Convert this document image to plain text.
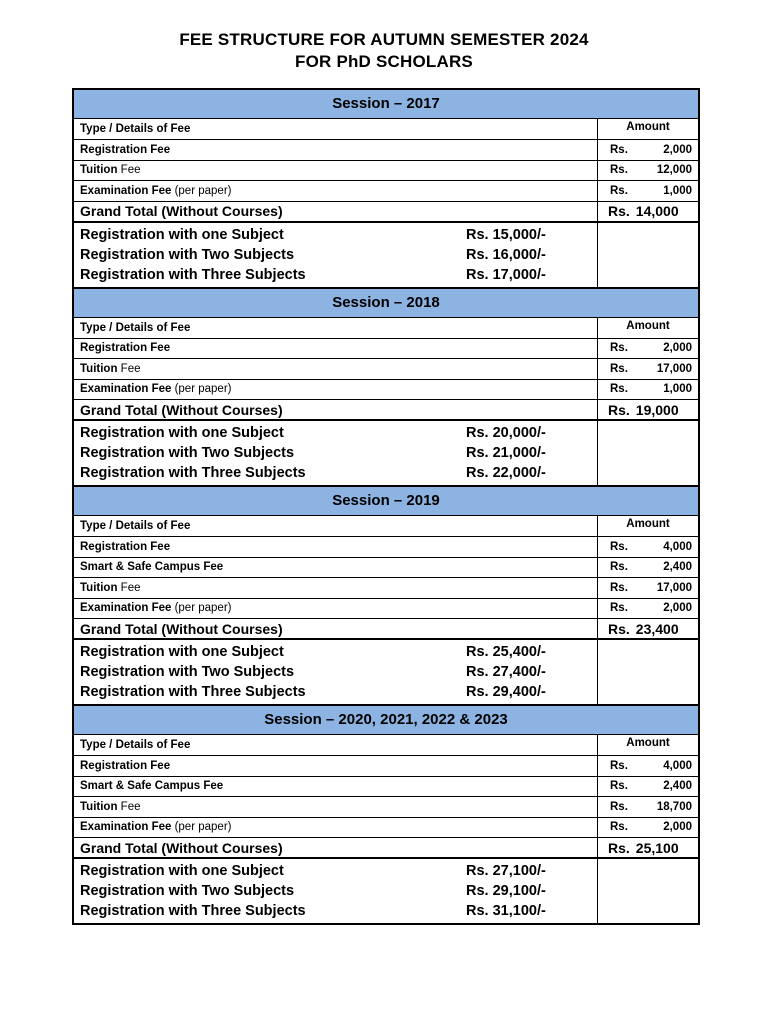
FEE STRUCTURE FOR AUTUMN SEMESTER 2024
FOR PhD SCHOLARS
Session – 2017
Type / Details of Fee	Amount
Registration Fee	Rs.	2,000
Tuition Fee	Rs.	12,000
Examination Fee (per paper)	Rs.	1,000
Grand Total (Without Courses)	Rs. 14,000
Registration with one Subject	Rs. 15,000/-
Registration with Two Subjects	Rs. 16,000/-
Registration with Three Subjects	Rs. 17,000/-
Session – 2018
Type / Details of Fee	Amount
Registration Fee	Rs.	2,000
Tuition Fee	Rs.	17,000
Examination Fee (per paper)	Rs.	1,000
Grand Total (Without Courses)	Rs. 19,000
Registration with one Subject	Rs. 20,000/-
Registration with Two Subjects	Rs. 21,000/-
Registration with Three Subjects	Rs. 22,000/-
Session – 2019
Type / Details of Fee	Amount
Registration Fee	Rs.	4,000
Smart & Safe Campus Fee	Rs.	2,400
Tuition Fee	Rs.	17,000
Examination Fee (per paper)	Rs.	2,000
Grand Total (Without Courses)	Rs. 23,400
Registration with one Subject	Rs. 25,400/-
Registration with Two Subjects	Rs. 27,400/-
Registration with Three Subjects	Rs. 29,400/-
Session – 2020, 2021, 2022 & 2023
Type / Details of Fee	Amount
Registration Fee	Rs.	4,000
Smart & Safe Campus Fee	Rs.	2,400
Tuition Fee	Rs.	18,700
Examination Fee (per paper)	Rs.	2,000
Grand Total (Without Courses)	Rs. 25,100
Registration with one Subject	Rs. 27,100/-
Registration with Two Subjects	Rs. 29,100/-
Registration with Three Subjects	Rs. 31,100/-
